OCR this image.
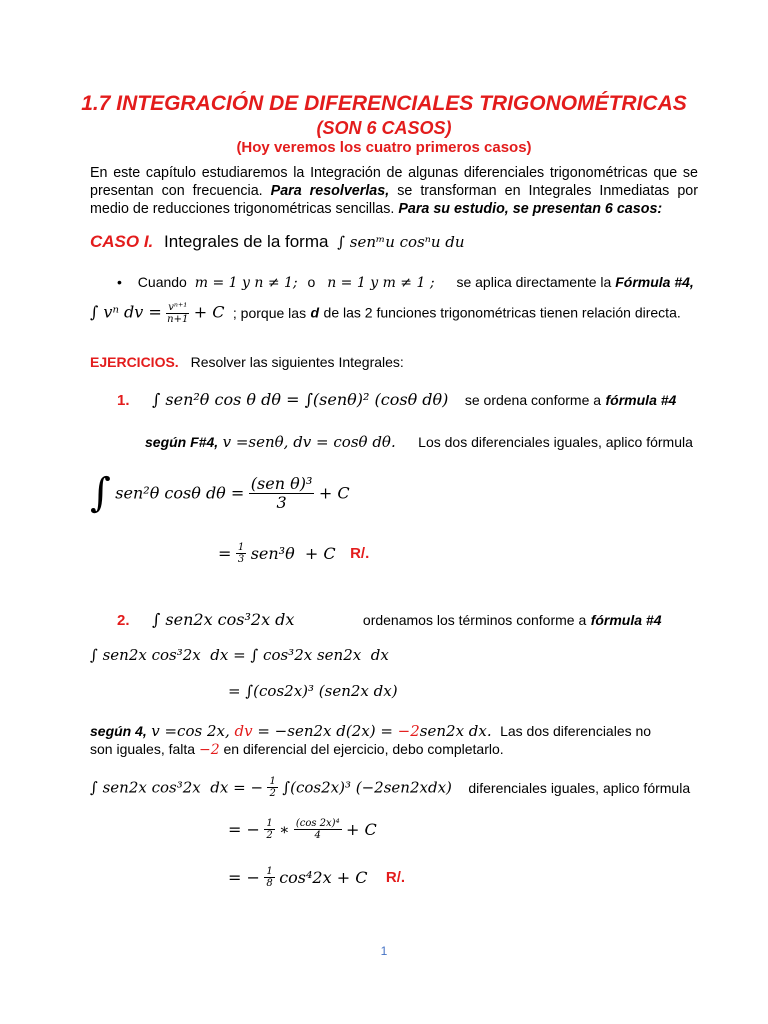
1.7 INTEGRACIÓN DE DIFERENCIALES TRIGONOMÉTRICAS
(SON 6 CASOS)
(Hoy veremos los cuatro primeros casos)
En este capítulo estudiaremos la Integración de algunas diferenciales trigonométricas que se presentan con frecuencia. Para resolverlas, se transforman en Integrales Inmediatas por medio de reducciones trigonométricas sencillas. Para su estudio, se presentan 6 casos:
CASO I. Integrales de la forma ∫ senᵐu cosⁿu du
• Cuando m = 1 y n ≠ 1; o n = 1 y m ≠ 1 ; se aplica directamente la Fórmula #4,
∫ vⁿ dv = $\frac{\text{vⁿ⁺¹}}{n+1} + C$ ; porque las d de las 2 funciones trigonométricas tienen relación directa.
EJERCICIOS. Resolver las siguientes Integrales:
1. ∫ sen²θ cos θ dθ = ∫(senθ)² (cosθ dθ) se ordena conforme a fórmula #4
según F#4, v =senθ, dv = cosθ dθ. Los dos diferenciales iguales, aplico fórmula
∫ sen²θ cosθ $d\theta = \frac{\text{(sen θ)³}}{3} + C$
= $\frac{1}{3} sen^3\theta + C$ R/.
2. ∫ sen2x cos³2x dx	ordenamos los términos conforme a fórmula #4
∫ sen2x cos³2x  dx = ∫ cos³2x sen2x  dx
= ∫(cos2x)³ (sen2x dx)
según 4, v =cos 2x, dv = −sen2x d(2x) = −2sen2x dx. Las dos diferenciales no
son iguales, falta −2 en diferencial del ejercicio, debo completarlo.
∫ sen2x cos³2x  dx = − $\frac{1}{2} \int(\cos 2x)^3$ (−2sen2xdx) diferenciales iguales, aplico fórmula
= − $\frac{1}{2}$ ∗ $\frac{\text{(cos 2x)⁴}}{4} + C$
= − $\frac{1}{8} \cos^42x + C$ R/.
1
